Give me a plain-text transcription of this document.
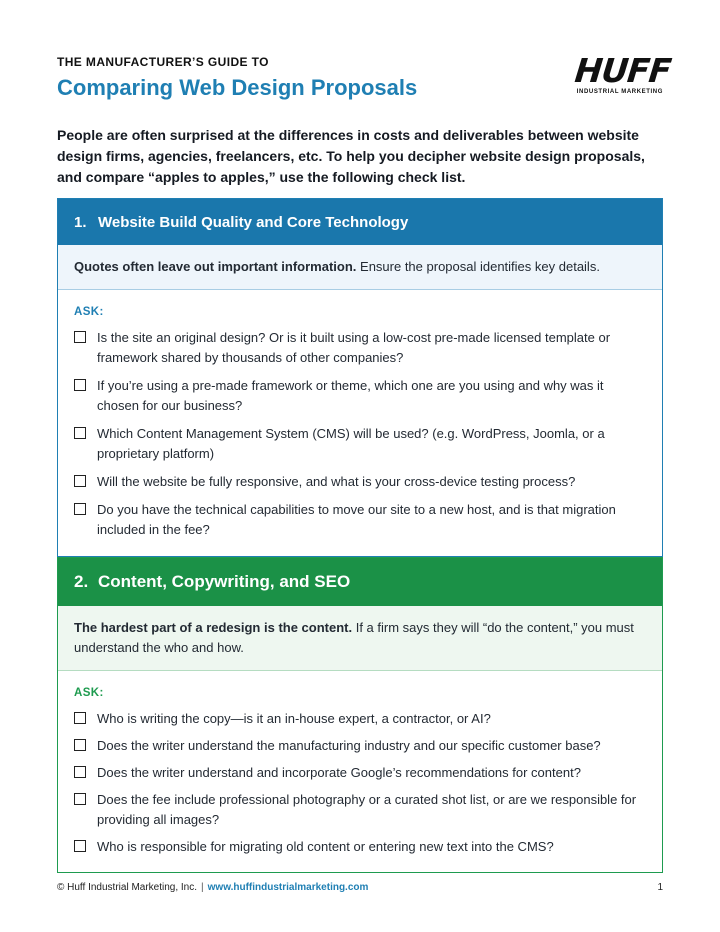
THE MANUFACTURER’S GUIDE TO
Comparing Web Design Proposals	HUFF
INDUSTRIAL MARKETING

People are often surprised at the differences in costs and deliverables between website design firms, agencies, freelancers, etc. To help you decipher website design proposals, and compare “apples to apples,” use the following check list.

1. Website Build Quality and Core Technology
Quotes often leave out important information. Ensure the proposal identifies key details.
ASK:
Is the site an original design? Or is it built using a low-cost pre-made licensed template or framework shared by thousands of other companies?
If you’re using a pre-made framework or theme, which one are you using and why was it chosen for our business?
Which Content Management System (CMS) will be used? (e.g. WordPress, Joomla, or a proprietary platform)
Will the website be fully responsive, and what is your cross-device testing process?
Do you have the technical capabilities to move our site to a new host, and is that migration included in the fee?
2. Content, Copywriting, and SEO
The hardest part of a redesign is the content. If a firm says they will “do the content,” you must understand the who and how.
ASK:
Who is writing the copy—is it an in-house expert, a contractor, or AI?
Does the writer understand the manufacturing industry and our specific customer base?
Does the writer understand and incorporate Google’s recommendations for content?
Does the fee include professional photography or a curated shot list, or are we responsible for providing all images?
Who is responsible for migrating old content or entering new text into the CMS?
© Huff Industrial Marketing, Inc. | www.huffindustrialmarketing.com	1
